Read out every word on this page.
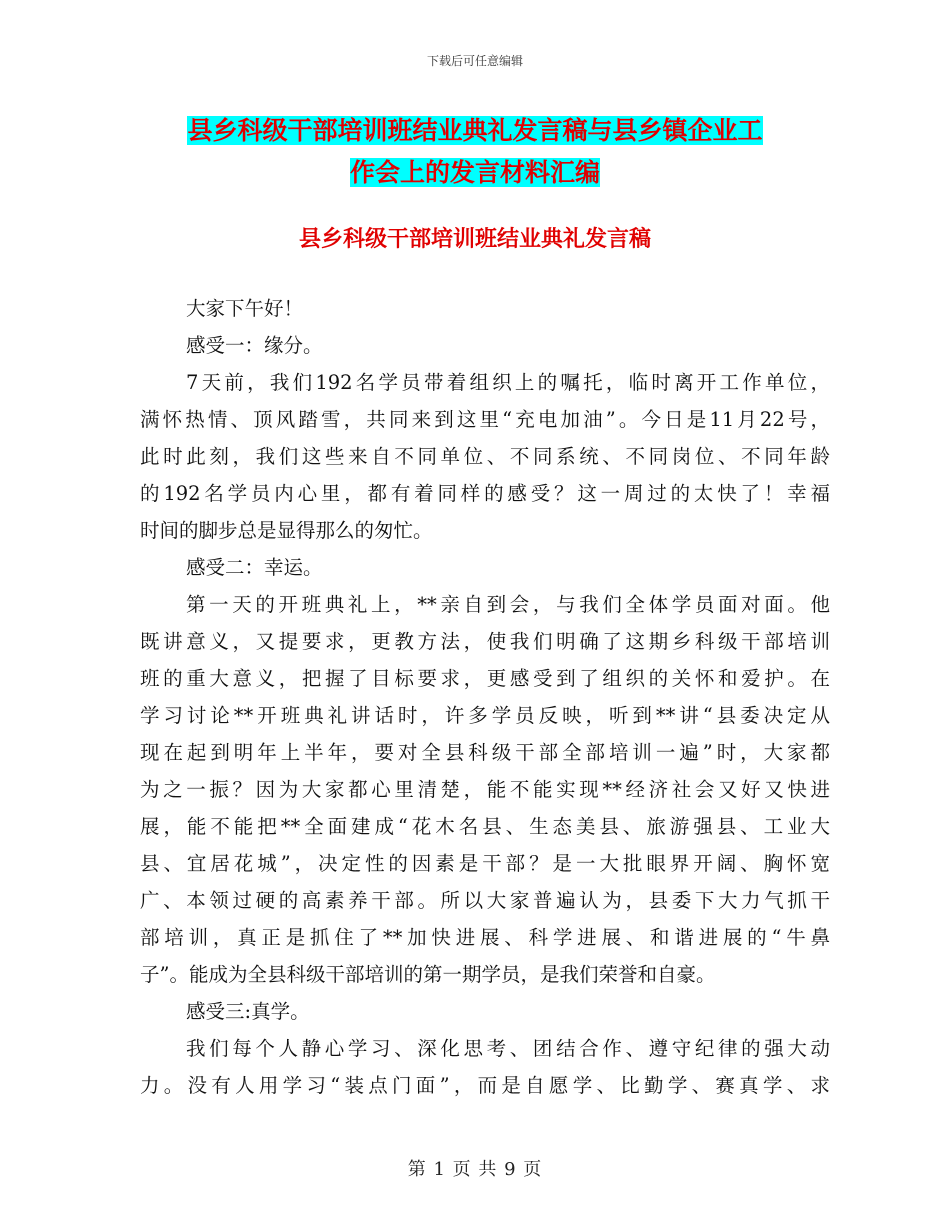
下载后可任意编辑
县乡科级干部培训班结业典礼发言稿与县乡镇企业工
作会上的发言材料汇编
县乡科级干部培训班结业典礼发言稿
大家下午好！
感受一：缘分。
7天前，我们192名学员带着组织上的嘱托，临时离开工作单位，
满怀热情、顶风踏雪，共同来到这里“充电加油”。今日是11月22号，
此时此刻，我们这些来自不同单位、不同系统、不同岗位、不同年龄
的192名学员内心里，都有着同样的感受？这一周过的太快了！幸福
时间的脚步总是显得那么的匆忙。
感受二：幸运。
第一天的开班典礼上，**亲自到会，与我们全体学员面对面。他
既讲意义，又提要求，更教方法，使我们明确了这期乡科级干部培训
班的重大意义，把握了目标要求，更感受到了组织的关怀和爱护。在
学习讨论**开班典礼讲话时，许多学员反映，听到**讲“县委决定从
现在起到明年上半年，要对全县科级干部全部培训一遍”时，大家都
为之一振？因为大家都心里清楚，能不能实现**经济社会又好又快进
展，能不能把**全面建成“花木名县、生态美县、旅游强县、工业大
县、宜居花城”，决定性的因素是干部？是一大批眼界开阔、胸怀宽
广、本领过硬的高素养干部。所以大家普遍认为，县委下大力气抓干
部培训，真正是抓住了**加快进展、科学进展、和谐进展的“牛鼻
子”。能成为全县科级干部培训的第一期学员，是我们荣誉和自豪。
感受三:真学。
我们每个人静心学习、深化思考、团结合作、遵守纪律的强大动
力。没有人用学习“装点门面”，而是自愿学、比勤学、赛真学、求
第 1 页 共 9 页
